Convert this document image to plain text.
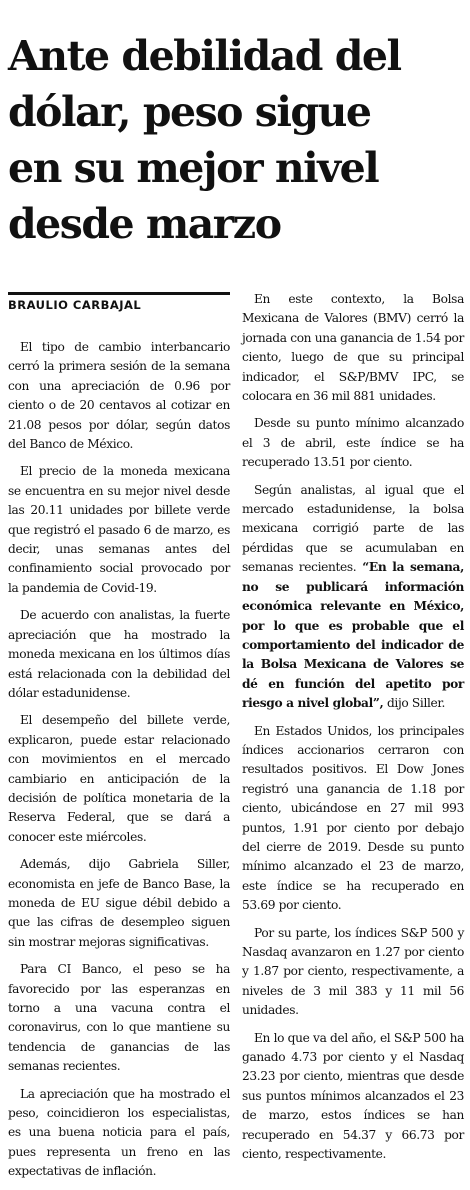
Ante debilidad del
dólar, peso sigue
en su mejor nivel
desde marzo
BRAULIO CARBAJAL

El tipo de cambio interbancario cerró la primera sesión de la semana con una apreciación de 0.96 por ciento o de 20 centavos al cotizar en 21.08 pesos por dólar, según datos del Banco de México.

El precio de la moneda mexicana se encuentra en su mejor nivel desde las 20.11 unidades por billete verde que registró el pasado 6 de marzo, es decir, unas semanas antes del confinamiento social provocado por la pandemia de Covid-19.

De acuerdo con analistas, la fuerte apreciación que ha mostrado la moneda mexicana en los últimos días está relacionada con la debilidad del dólar estadunidense.

El desempeño del billete verde, explicaron, puede estar relacionado con movimientos en el mercado cambiario en anticipación de la decisión de política monetaria de la Reserva Federal, que se dará a conocer este miércoles.

Además, dijo Gabriela Siller, economista en jefe de Banco Base, la moneda de EU sigue débil debido a que las cifras de desempleo siguen sin mostrar mejoras significativas.

Para CI Banco, el peso se ha favorecido por las esperanzas en torno a una vacuna contra el coronavirus, con lo que mantiene su tendencia de ganancias de las semanas recientes.

La apreciación que ha mostrado el peso, coincidieron los especialistas, es una buena noticia para el país, pues representa un freno en las expectativas de inflación.

En este contexto, la Bolsa Mexicana de Valores (BMV) cerró la jornada con una ganancia de 1.54 por ciento, luego de que su principal indicador, el S&P/BMV IPC, se colocara en 36 mil 881 unidades.

Desde su punto mínimo alcanzado el 3 de abril, este índice se ha recuperado 13.51 por ciento.

Según analistas, al igual que el mercado estadunidense, la bolsa mexicana corrigió parte de las pérdidas que se acumulaban en semanas recientes. “En la semana, no se publicará información económica relevante en México, por lo que es probable que el comportamiento del indicador de la Bolsa Mexicana de Valores se dé en función del apetito por riesgo a nivel global”, dijo Siller.

En Estados Unidos, los principales índices accionarios cerraron con resultados positivos. El Dow Jones registró una ganancia de 1.18 por ciento, ubicándose en 27 mil 993 puntos, 1.91 por ciento por debajo del cierre de 2019. Desde su punto mínimo alcanzado el 23 de marzo, este índice se ha recuperado en 53.69 por ciento.

Por su parte, los índices S&P 500 y Nasdaq avanzaron en 1.27 por ciento y 1.87 por ciento, respectivamente, a niveles de 3 mil 383 y 11 mil 56 unidades.

En lo que va del año, el S&P 500 ha ganado 4.73 por ciento y el Nasdaq 23.23 por ciento, mientras que desde sus puntos mínimos alcanzados el 23 de marzo, estos índices se han recuperado en 54.37 y 66.73 por ciento, respectivamente.
